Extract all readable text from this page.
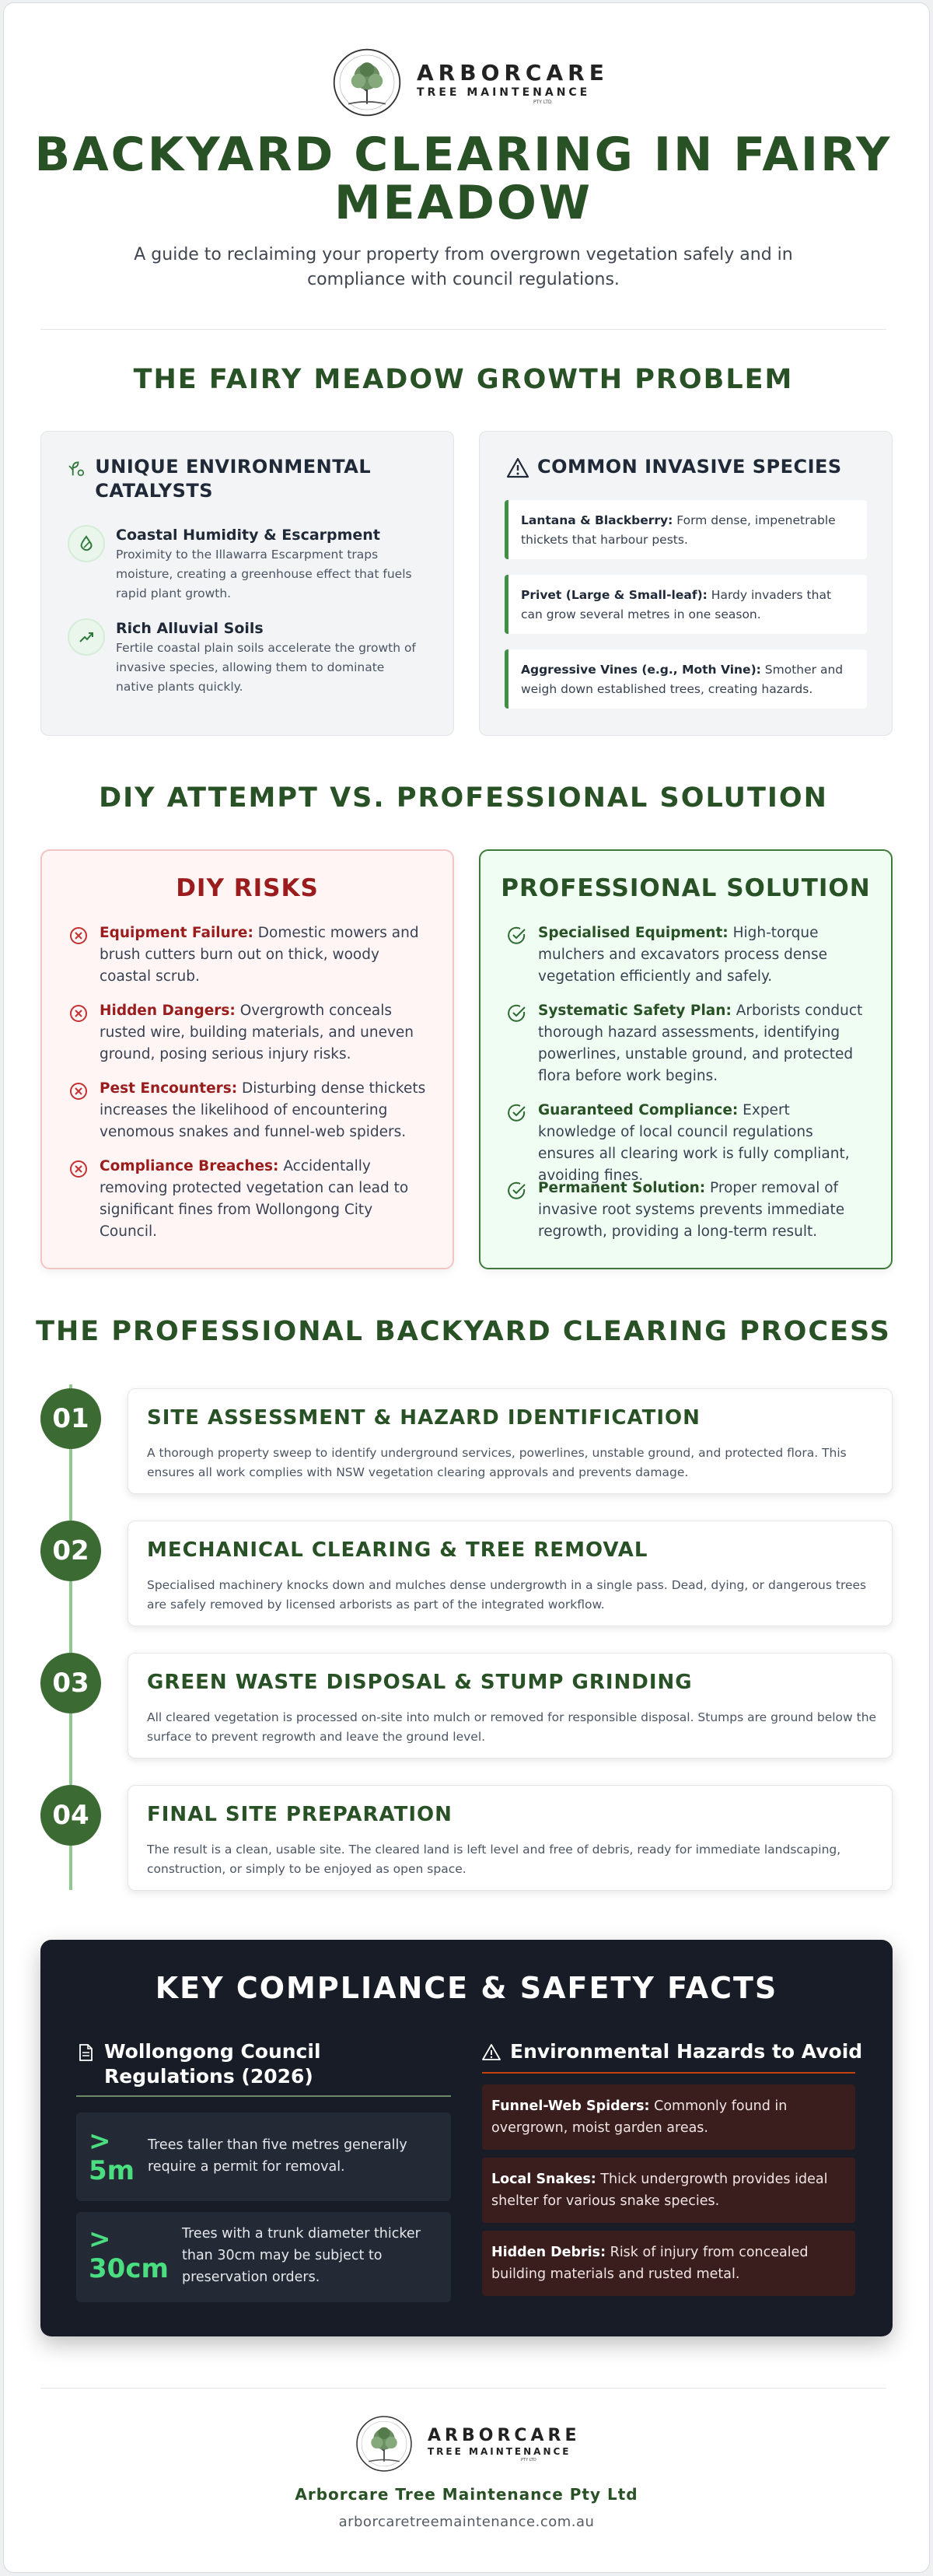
ARBORCARE
TREE MAINTENANCE
PTY LTD
BACKYARD CLEARING IN FAIRY MEADOW
A guide to reclaiming your property from overgrown vegetation safely and in compliance with council regulations.
THE FAIRY MEADOW GROWTH PROBLEM
UNIQUE ENVIRONMENTAL CATALYSTS
Coastal Humidity & Escarpment
Proximity to the Illawarra Escarpment traps moisture, creating a greenhouse effect that fuels rapid plant growth.
Rich Alluvial Soils
Fertile coastal plain soils accelerate the growth of invasive species, allowing them to dominate native plants quickly.
COMMON INVASIVE SPECIES
Lantana & Blackberry: Form dense, impenetrable thickets that harbour pests.
Privet (Large & Small-leaf): Hardy invaders that can grow several metres in one season.
Aggressive Vines (e.g., Moth Vine): Smother and weigh down established trees, creating hazards.
DIY ATTEMPT VS. PROFESSIONAL SOLUTION
DIY RISKS
Equipment Failure: Domestic mowers and brush cutters burn out on thick, woody coastal scrub.
Hidden Dangers: Overgrowth conceals rusted wire, building materials, and uneven ground, posing serious injury risks.
Pest Encounters: Disturbing dense thickets increases the likelihood of encountering venomous snakes and funnel-web spiders.
Compliance Breaches: Accidentally removing protected vegetation can lead to significant fines from Wollongong City Council.
PROFESSIONAL SOLUTION
Specialised Equipment: High-torque mulchers and excavators process dense vegetation efficiently and safely.
Systematic Safety Plan: Arborists conduct thorough hazard assessments, identifying powerlines, unstable ground, and protected flora before work begins.
Guaranteed Compliance: Expert knowledge of local council regulations ensures all clearing work is fully compliant, avoiding fines.
Permanent Solution: Proper removal of invasive root systems prevents immediate regrowth, providing a long-term result.
THE PROFESSIONAL BACKYARD CLEARING PROCESS
01	SITE ASSESSMENT & HAZARD IDENTIFICATION
A thorough property sweep to identify underground services, powerlines, unstable ground, and protected flora. This ensures all work complies with NSW vegetation clearing approvals and prevents damage.
02	MECHANICAL CLEARING & TREE REMOVAL
Specialised machinery knocks down and mulches dense undergrowth in a single pass. Dead, dying, or dangerous trees are safely removed by licensed arborists as part of the integrated workflow.
03	GREEN WASTE DISPOSAL & STUMP GRINDING
All cleared vegetation is processed on-site into mulch or removed for responsible disposal. Stumps are ground below the surface to prevent regrowth and leave the ground level.
04	FINAL SITE PREPARATION
The result is a clean, usable site. The cleared land is left level and free of debris, ready for immediate landscaping, construction, or simply to be enjoyed as open space.
KEY COMPLIANCE & SAFETY FACTS
Wollongong Council Regulations (2026)
> 5m
Trees taller than five metres generally require a permit for removal.
> 30cm
Trees with a trunk diameter thicker than 30cm may be subject to preservation orders.
Environmental Hazards to Avoid
Funnel-Web Spiders: Commonly found in overgrown, moist garden areas.
Local Snakes: Thick undergrowth provides ideal shelter for various snake species.
Hidden Debris: Risk of injury from concealed building materials and rusted metal.
ARBORCARE
TREE MAINTENANCE
PTY LTD
Arborcare Tree Maintenance Pty Ltd
arborcaretreemaintenance.com.au
